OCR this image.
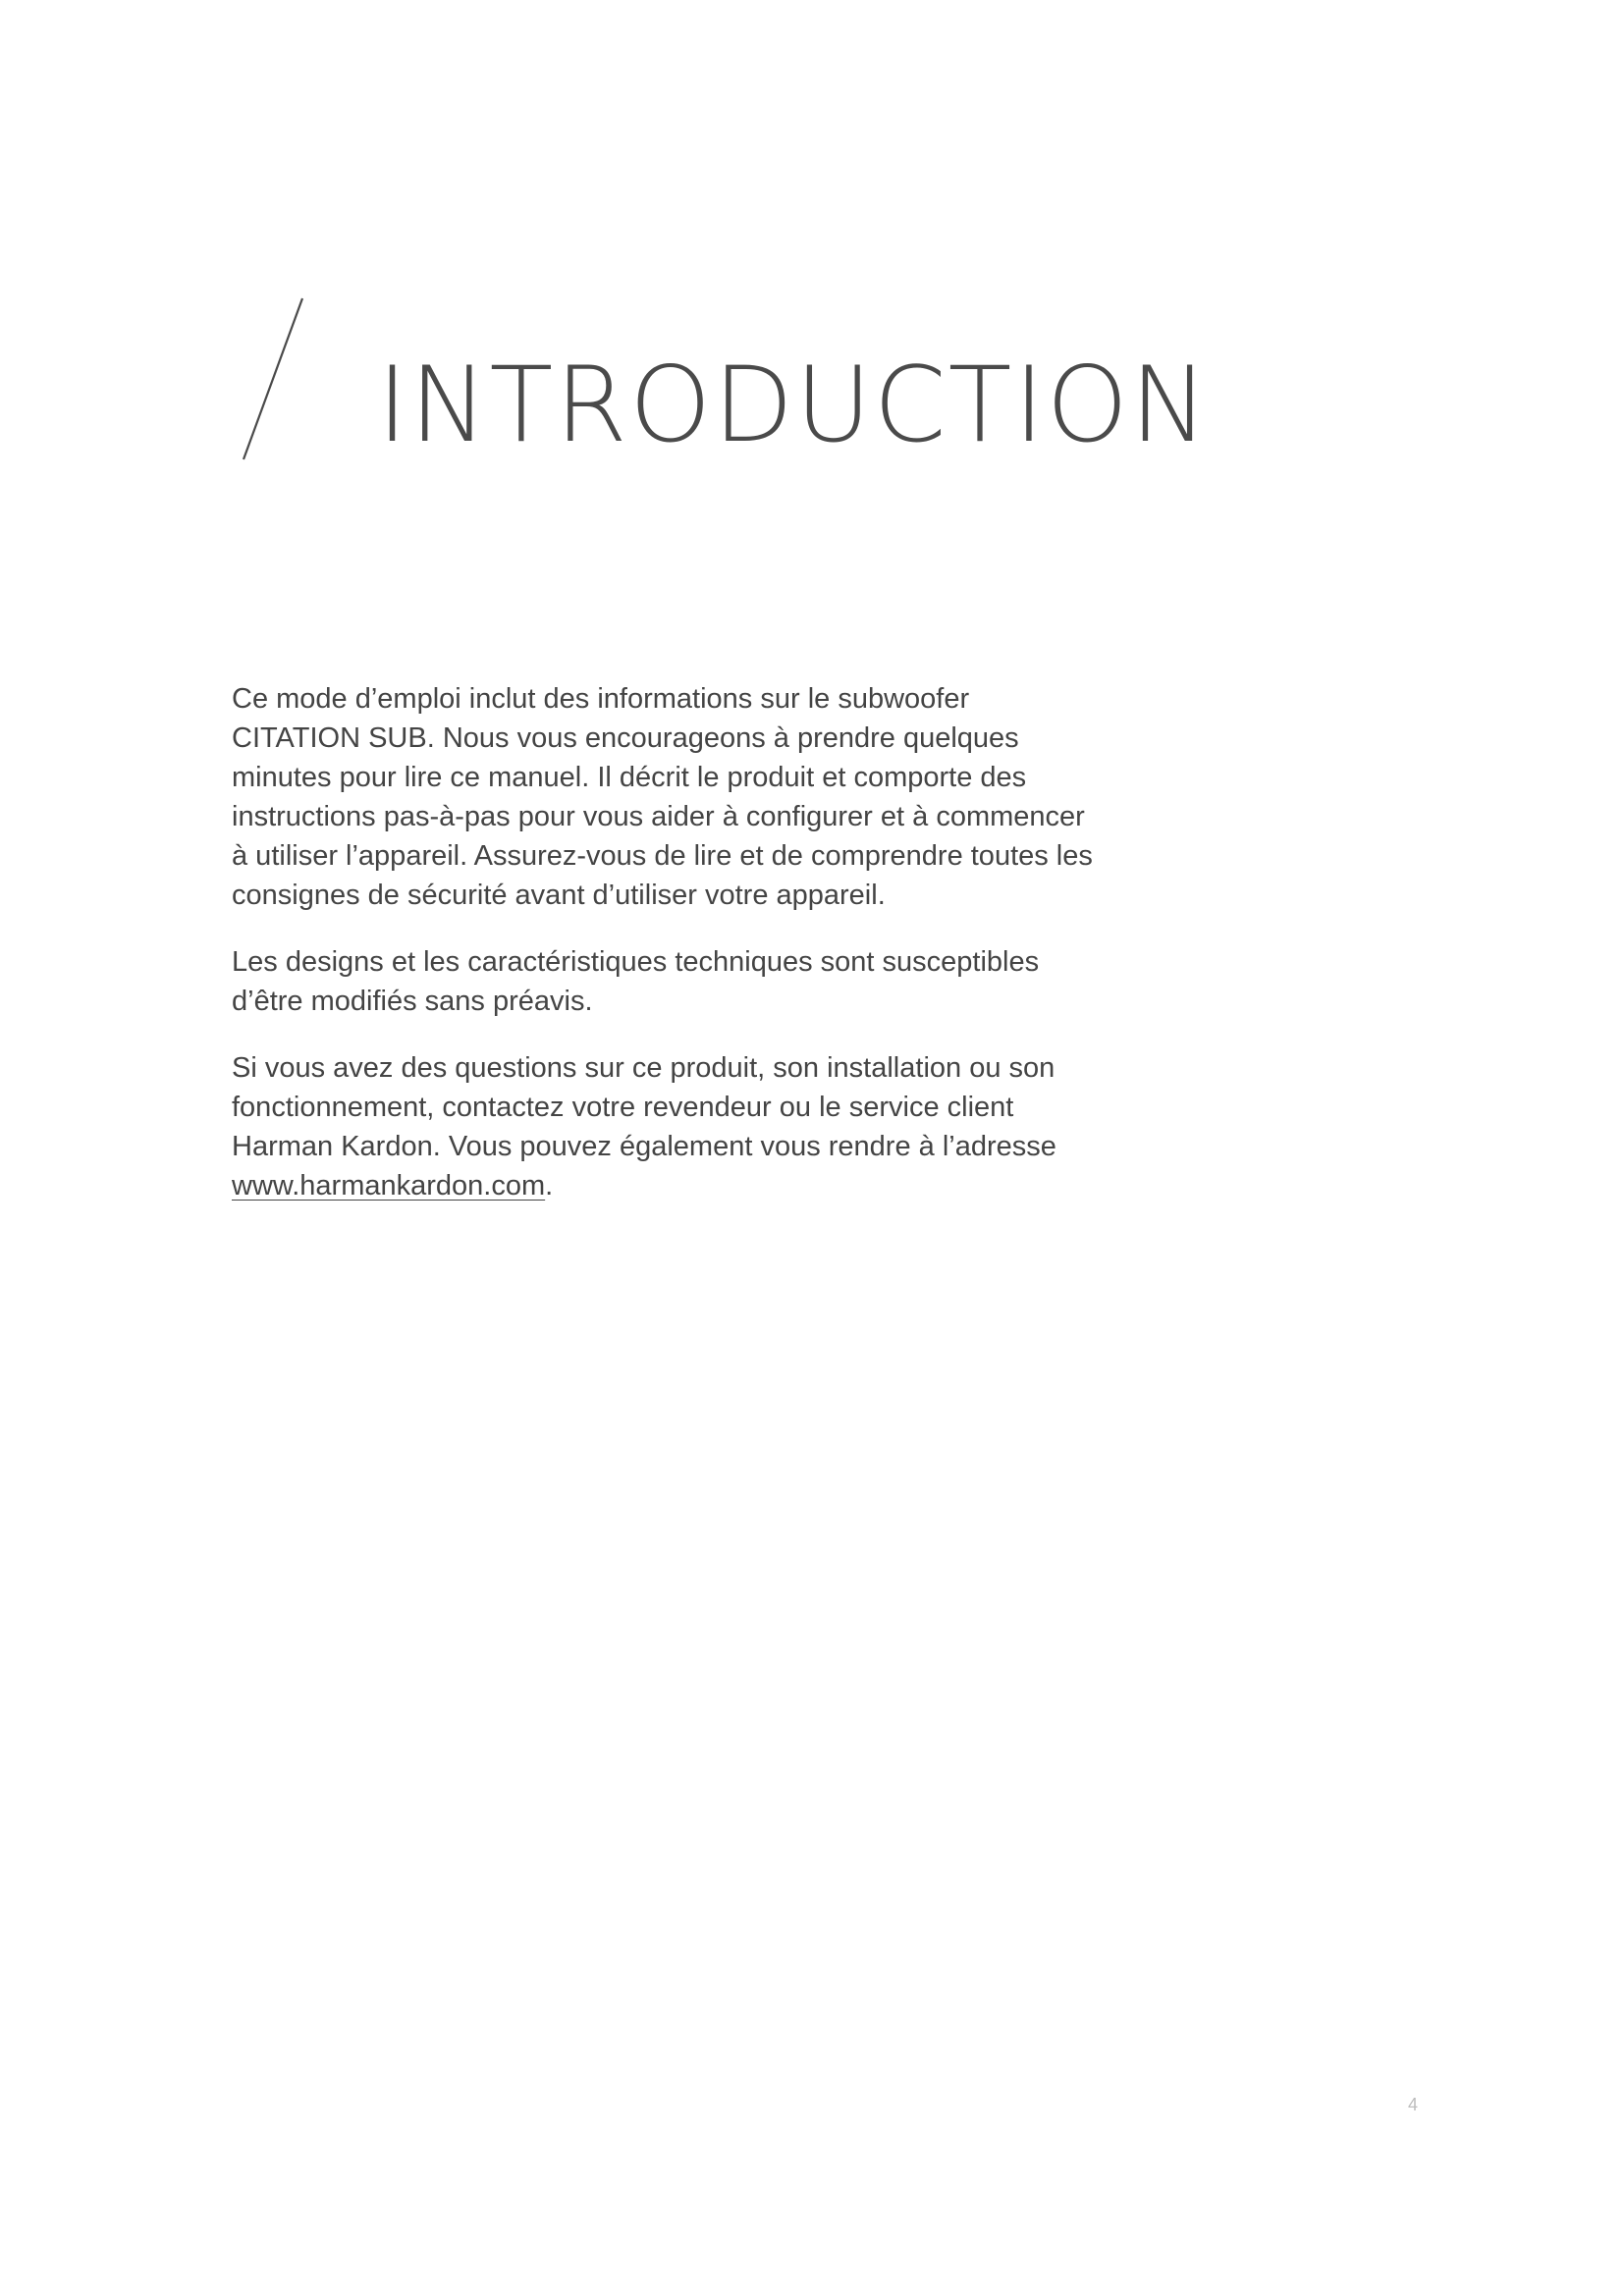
INTRODUCTION

Ce mode d’emploi inclut des informations sur le subwoofer CITATION SUB. Nous vous encourageons à prendre quelques minutes pour lire ce manuel. Il décrit le produit et comporte des instructions pas-à-pas pour vous aider à configurer et à commencer à utiliser l’appareil. Assurez-vous de lire et de comprendre toutes les consignes de sécurité avant d’utiliser votre appareil.

Les designs et les caractéristiques techniques sont susceptibles d’être modifiés sans préavis.

Si vous avez des questions sur ce produit, son installation ou son fonctionnement, contactez votre revendeur ou le service client Harman Kardon. Vous pouvez également vous rendre à l’adresse www.harmankardon.com.

4
